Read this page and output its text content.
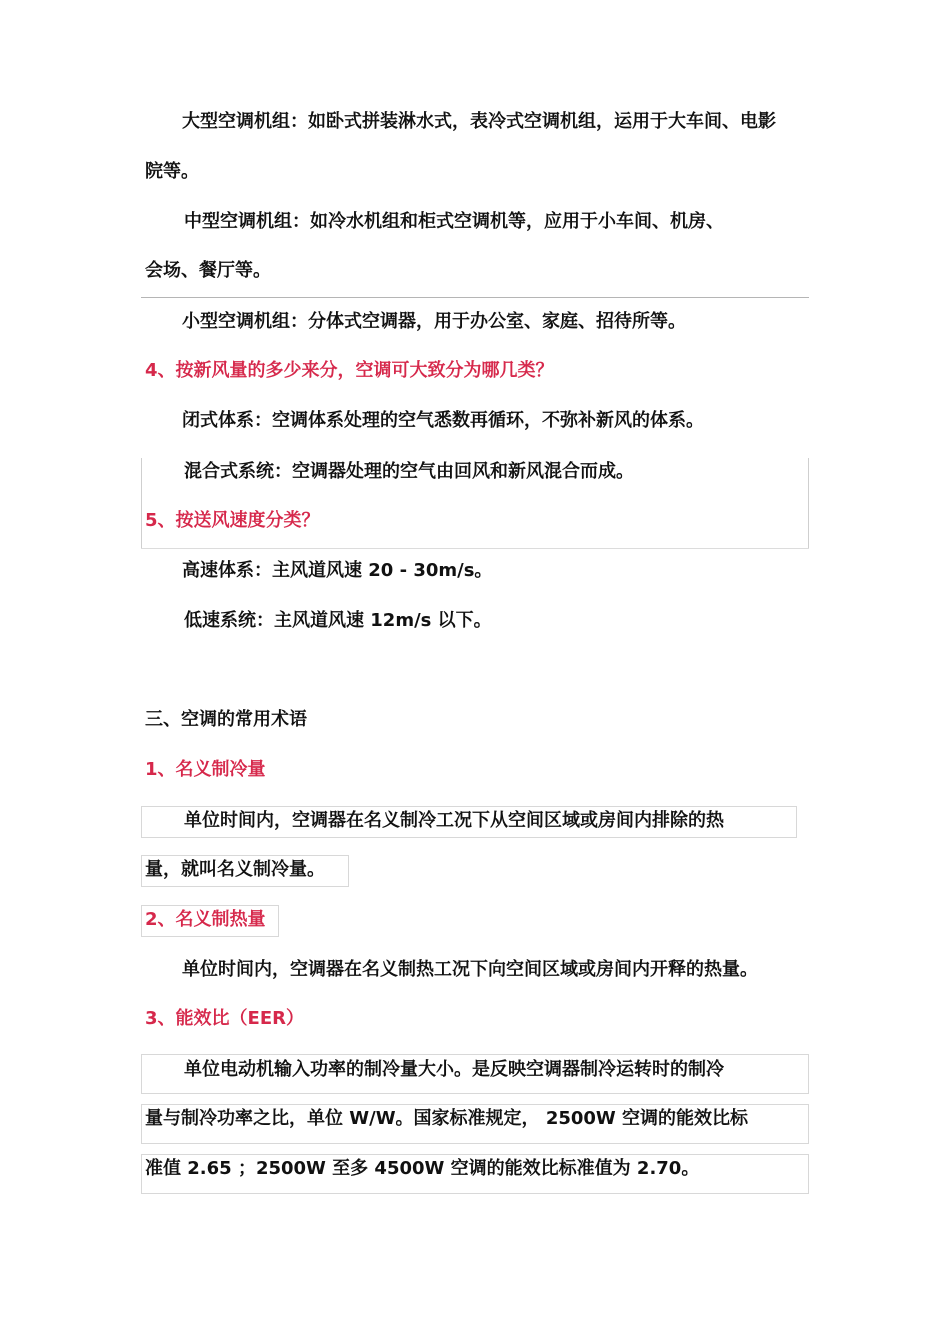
大型空调机组：如卧式拼装淋水式，表冷式空调机组，运用于大车间、电影
院等。
中型空调机组：如冷水机组和柜式空调机等，应用于小车间、机房、
会场、餐厅等。
小型空调机组：分体式空调器，用于办公室、家庭、招待所等。
4、按新风量的多少来分，空调可大致分为哪几类？
闭式体系：空调体系处理的空气悉数再循环，不弥补新风的体系。
混合式系统：空调器处理的空气由回风和新风混合而成。
5、按送风速度分类？
高速体系：主风道风速 20 - 30m/s。
低速系统：主风道风速 12m/s 以下。
三、空调的常用术语
1、名义制冷量
单位时间内，空调器在名义制冷工况下从空间区域或房间内排除的热
量，就叫名义制冷量。
2、名义制热量
单位时间内，空调器在名义制热工况下向空间区域或房间内开释的热量。
3、能效比（EER）
单位电动机输入功率的制冷量大小。是反映空调器制冷运转时的制冷
量与制冷功率之比，单位 W/W。国家标准规定， 2500W 空调的能效比标
准值 2.65 ；2500W 至多 4500W 空调的能效比标准值为 2.70。
